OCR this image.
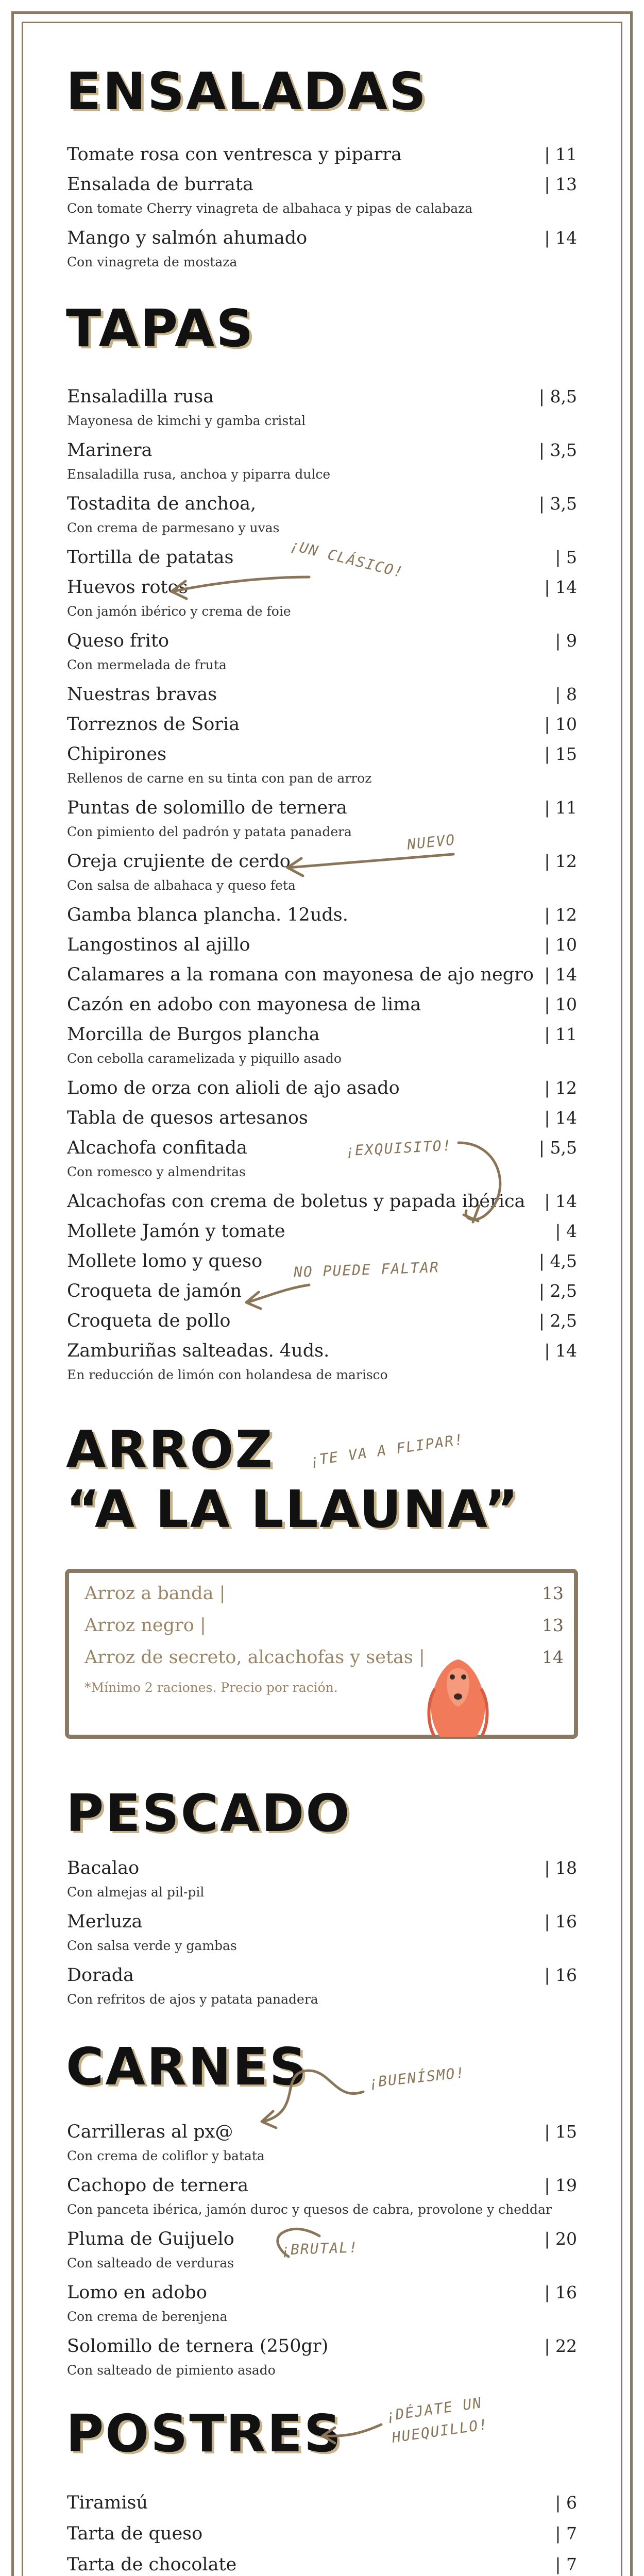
ENSALADAS
Tomate rosa con ventresca y piparra	| 11
Ensalada de burrata	| 13
Con tomate Cherry vinagreta de albahaca y pipas de calabaza
Mango y salmón ahumado	| 14
Con vinagreta de mostaza
TAPAS
Ensaladilla rusa	| 8,5
Mayonesa de kimchi y gamba cristal
Marinera	| 3,5
Ensaladilla rusa, anchoa y piparra dulce
Tostadita de anchoa,	| 3,5
Con crema de parmesano y uvas
Tortilla de patatas	| 5
Huevos rotos	| 14
Con jamón ibérico y crema de foie
Queso frito	| 9
Con mermelada de fruta
Nuestras bravas	| 8
Torreznos de Soria	| 10
Chipirones	| 15
Rellenos de carne en su tinta con pan de arroz
Puntas de solomillo de ternera	| 11
Con pimiento del padrón y patata panadera
Oreja crujiente de cerdo	| 12
Con salsa de albahaca y queso feta
Gamba blanca plancha. 12uds.	| 12
Langostinos al ajillo	| 10
Calamares a la romana con mayonesa de ajo negro | 14
Cazón en adobo con mayonesa de lima	| 10
Morcilla de Burgos plancha	| 11
Con cebolla caramelizada y piquillo asado
Lomo de orza con alioli de ajo asado	| 12
Tabla de quesos artesanos	| 14
Alcachofa confitada	| 5,5
Con romesco y almendritas
Alcachofas con crema de boletus y papada ibérica | 14
Mollete Jamón y tomate	| 4
Mollete lomo y queso	| 4,5
Croqueta de jamón	| 2,5
Croqueta de pollo	| 2,5
Zamburiñas salteadas. 4uds.	| 14
En reducción de limón con holandesa de marisco
ARROZ
“A LA LLAUNA”
Arroz a banda |	13
Arroz negro |	13
Arroz de secreto, alcachofas y setas |	14
*Mínimo 2 raciones. Precio por ración.
PESCADO
Bacalao	| 18
Con almejas al pil-pil
Merluza	| 16
Con salsa verde y gambas
Dorada	| 16
Con refritos de ajos y patata panadera
CARNES
Carrilleras al px@	| 15
Con crema de coliflor y batata
Cachopo de ternera	| 19
Con panceta ibérica, jamón duroc y quesos de cabra, provolone y cheddar
Pluma de Guijuelo	| 20
Con salteado de verduras
Lomo en adobo	| 16
Con crema de berenjena
Solomillo de ternera (250gr)	| 22
Con salteado de pimiento asado
POSTRES
Tiramisú	| 6
Tarta de queso	| 7
Tarta de chocolate	| 7
¡UN CLÁSICO!
NUEVO
¡EXQUISITO!
NO PUEDE FALTAR
¡TE VA A FLIPAR!
¡BUENÍSMO!
¡BRUTAL!
¡DÉJATE UN
HUEQUILLO!
